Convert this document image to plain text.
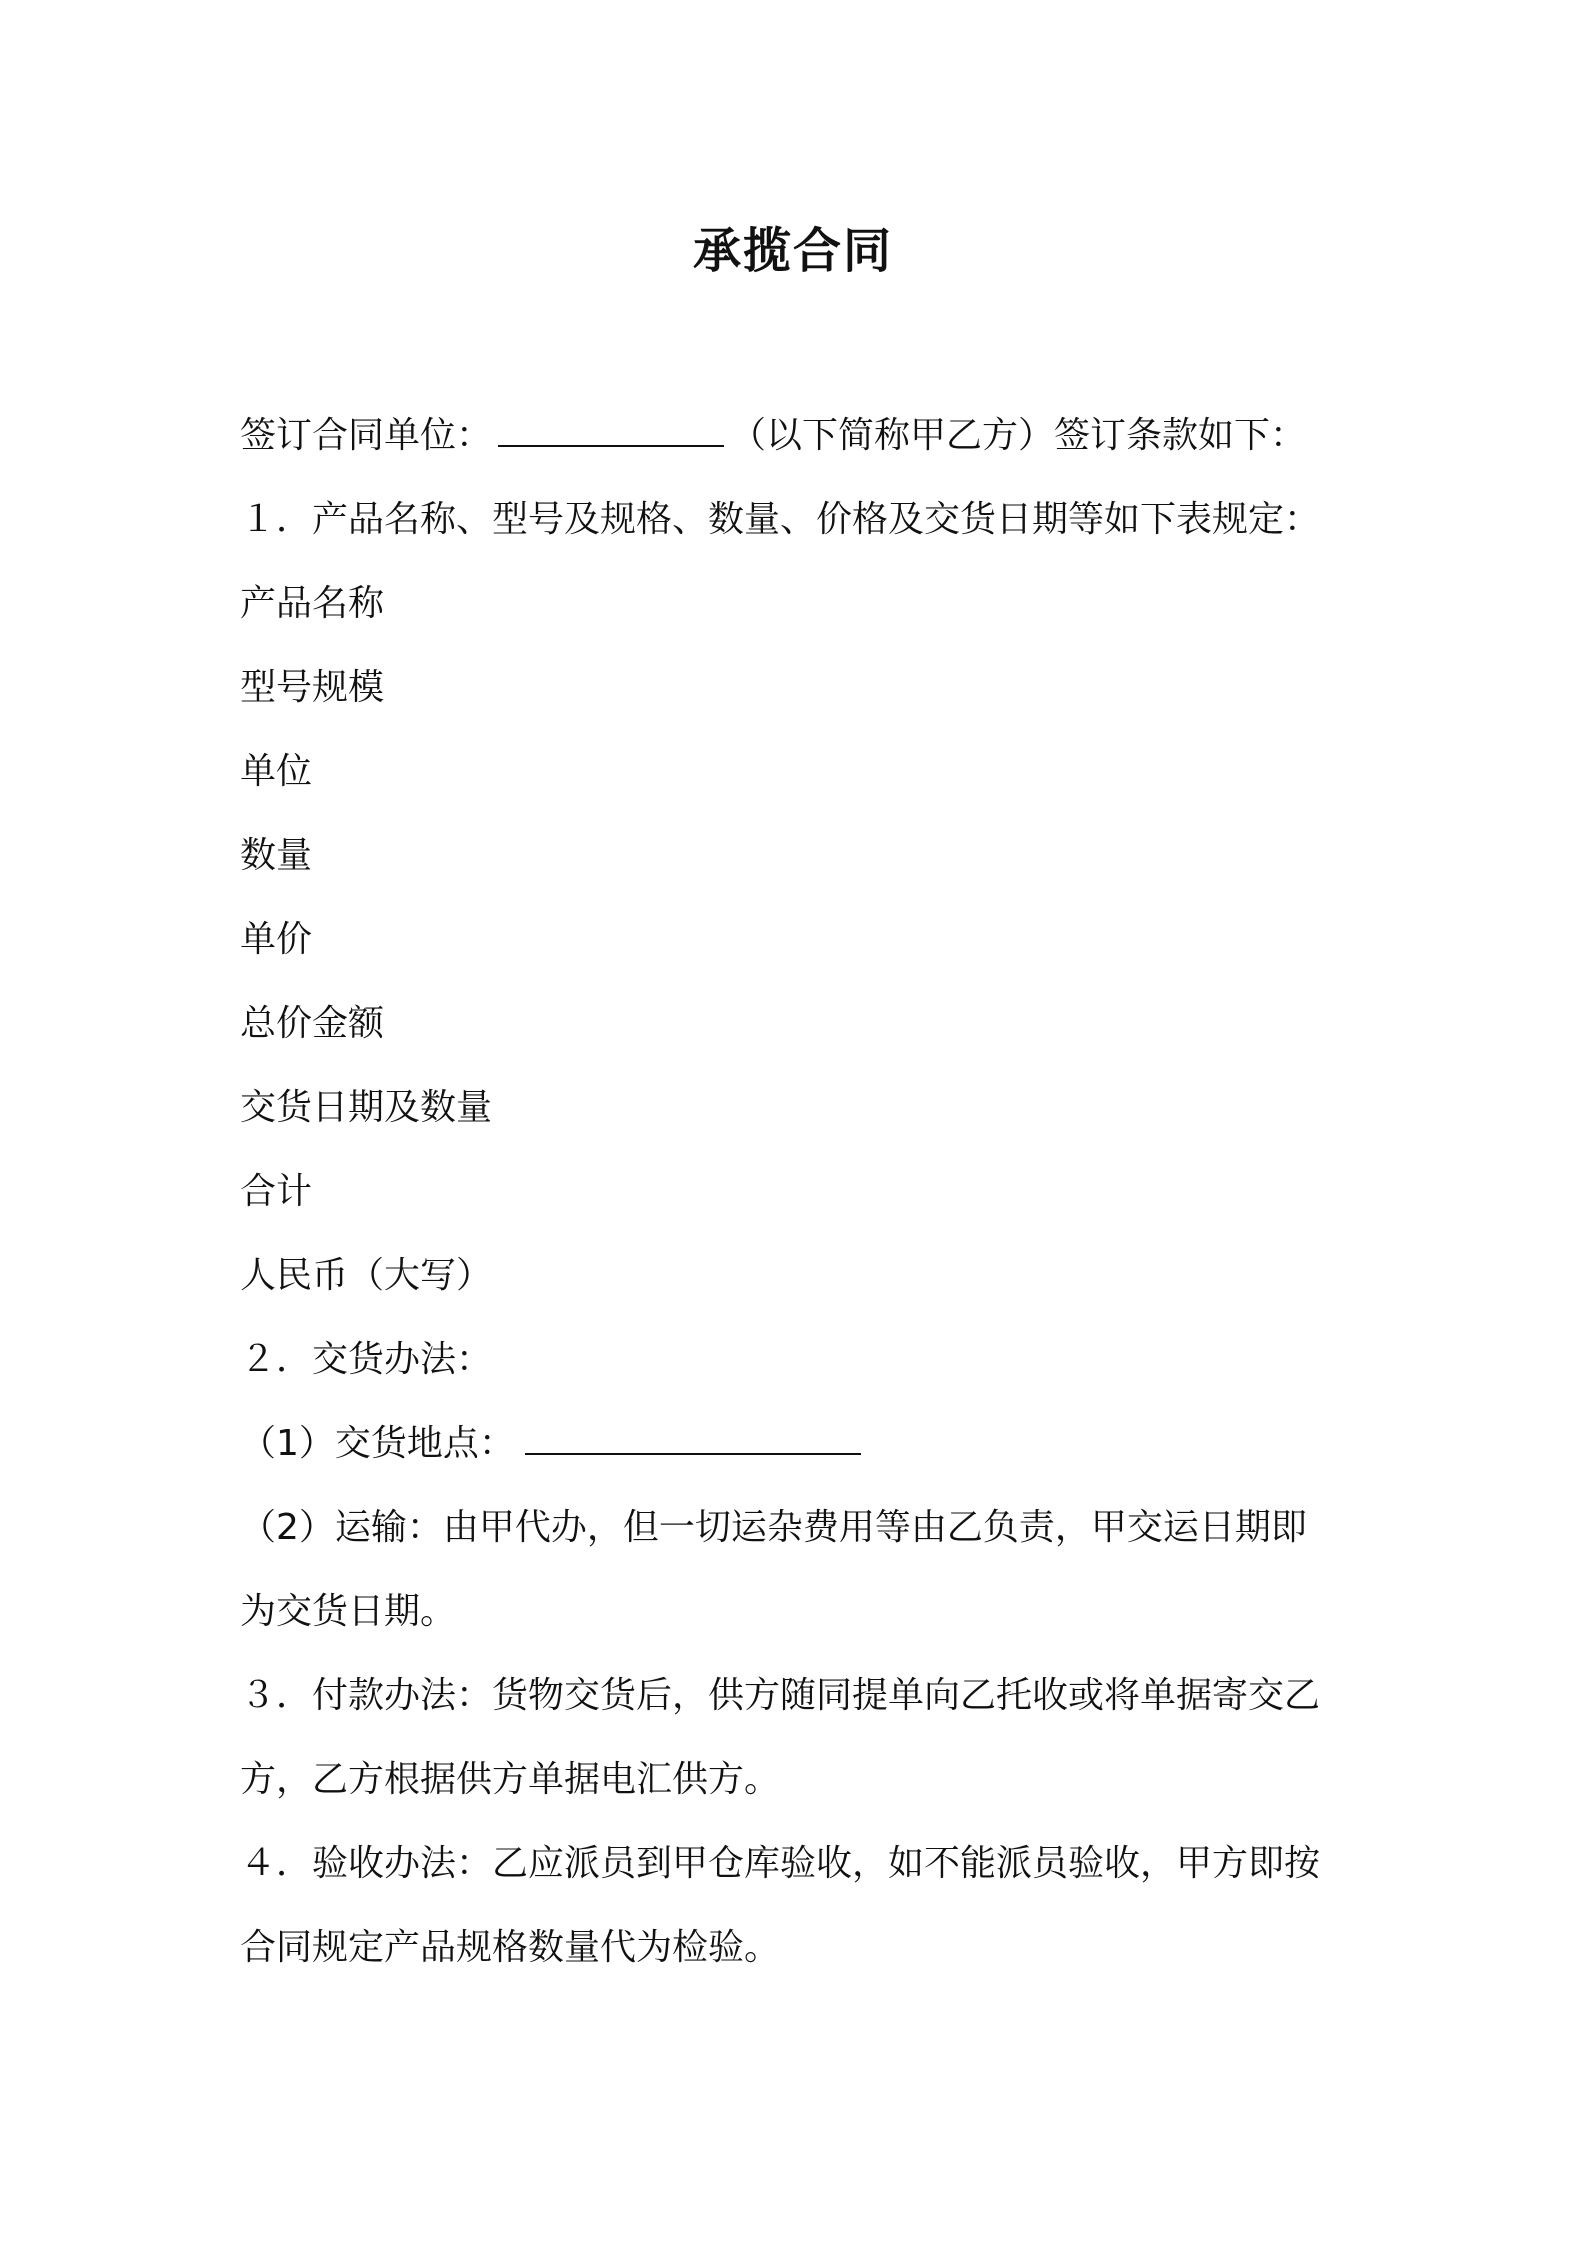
承揽合同
签订合同单位：	（以下简称甲乙方）签订条款如下：
１．产品名称、型号及规格、数量、价格及交货日期等如下表规定：
产品名称
型号规模
单位
数量
单价
总价金额
交货日期及数量
合计
人民币（大写）
２．交货办法：
（1）交货地点：
（2）运输：由甲代办，但一切运杂费用等由乙负责，甲交运日期即
为交货日期。
３．付款办法：货物交货后，供方随同提单向乙托收或将单据寄交乙
方，乙方根据供方单据电汇供方。
４．验收办法：乙应派员到甲仓库验收，如不能派员验收，甲方即按
合同规定产品规格数量代为检验。
